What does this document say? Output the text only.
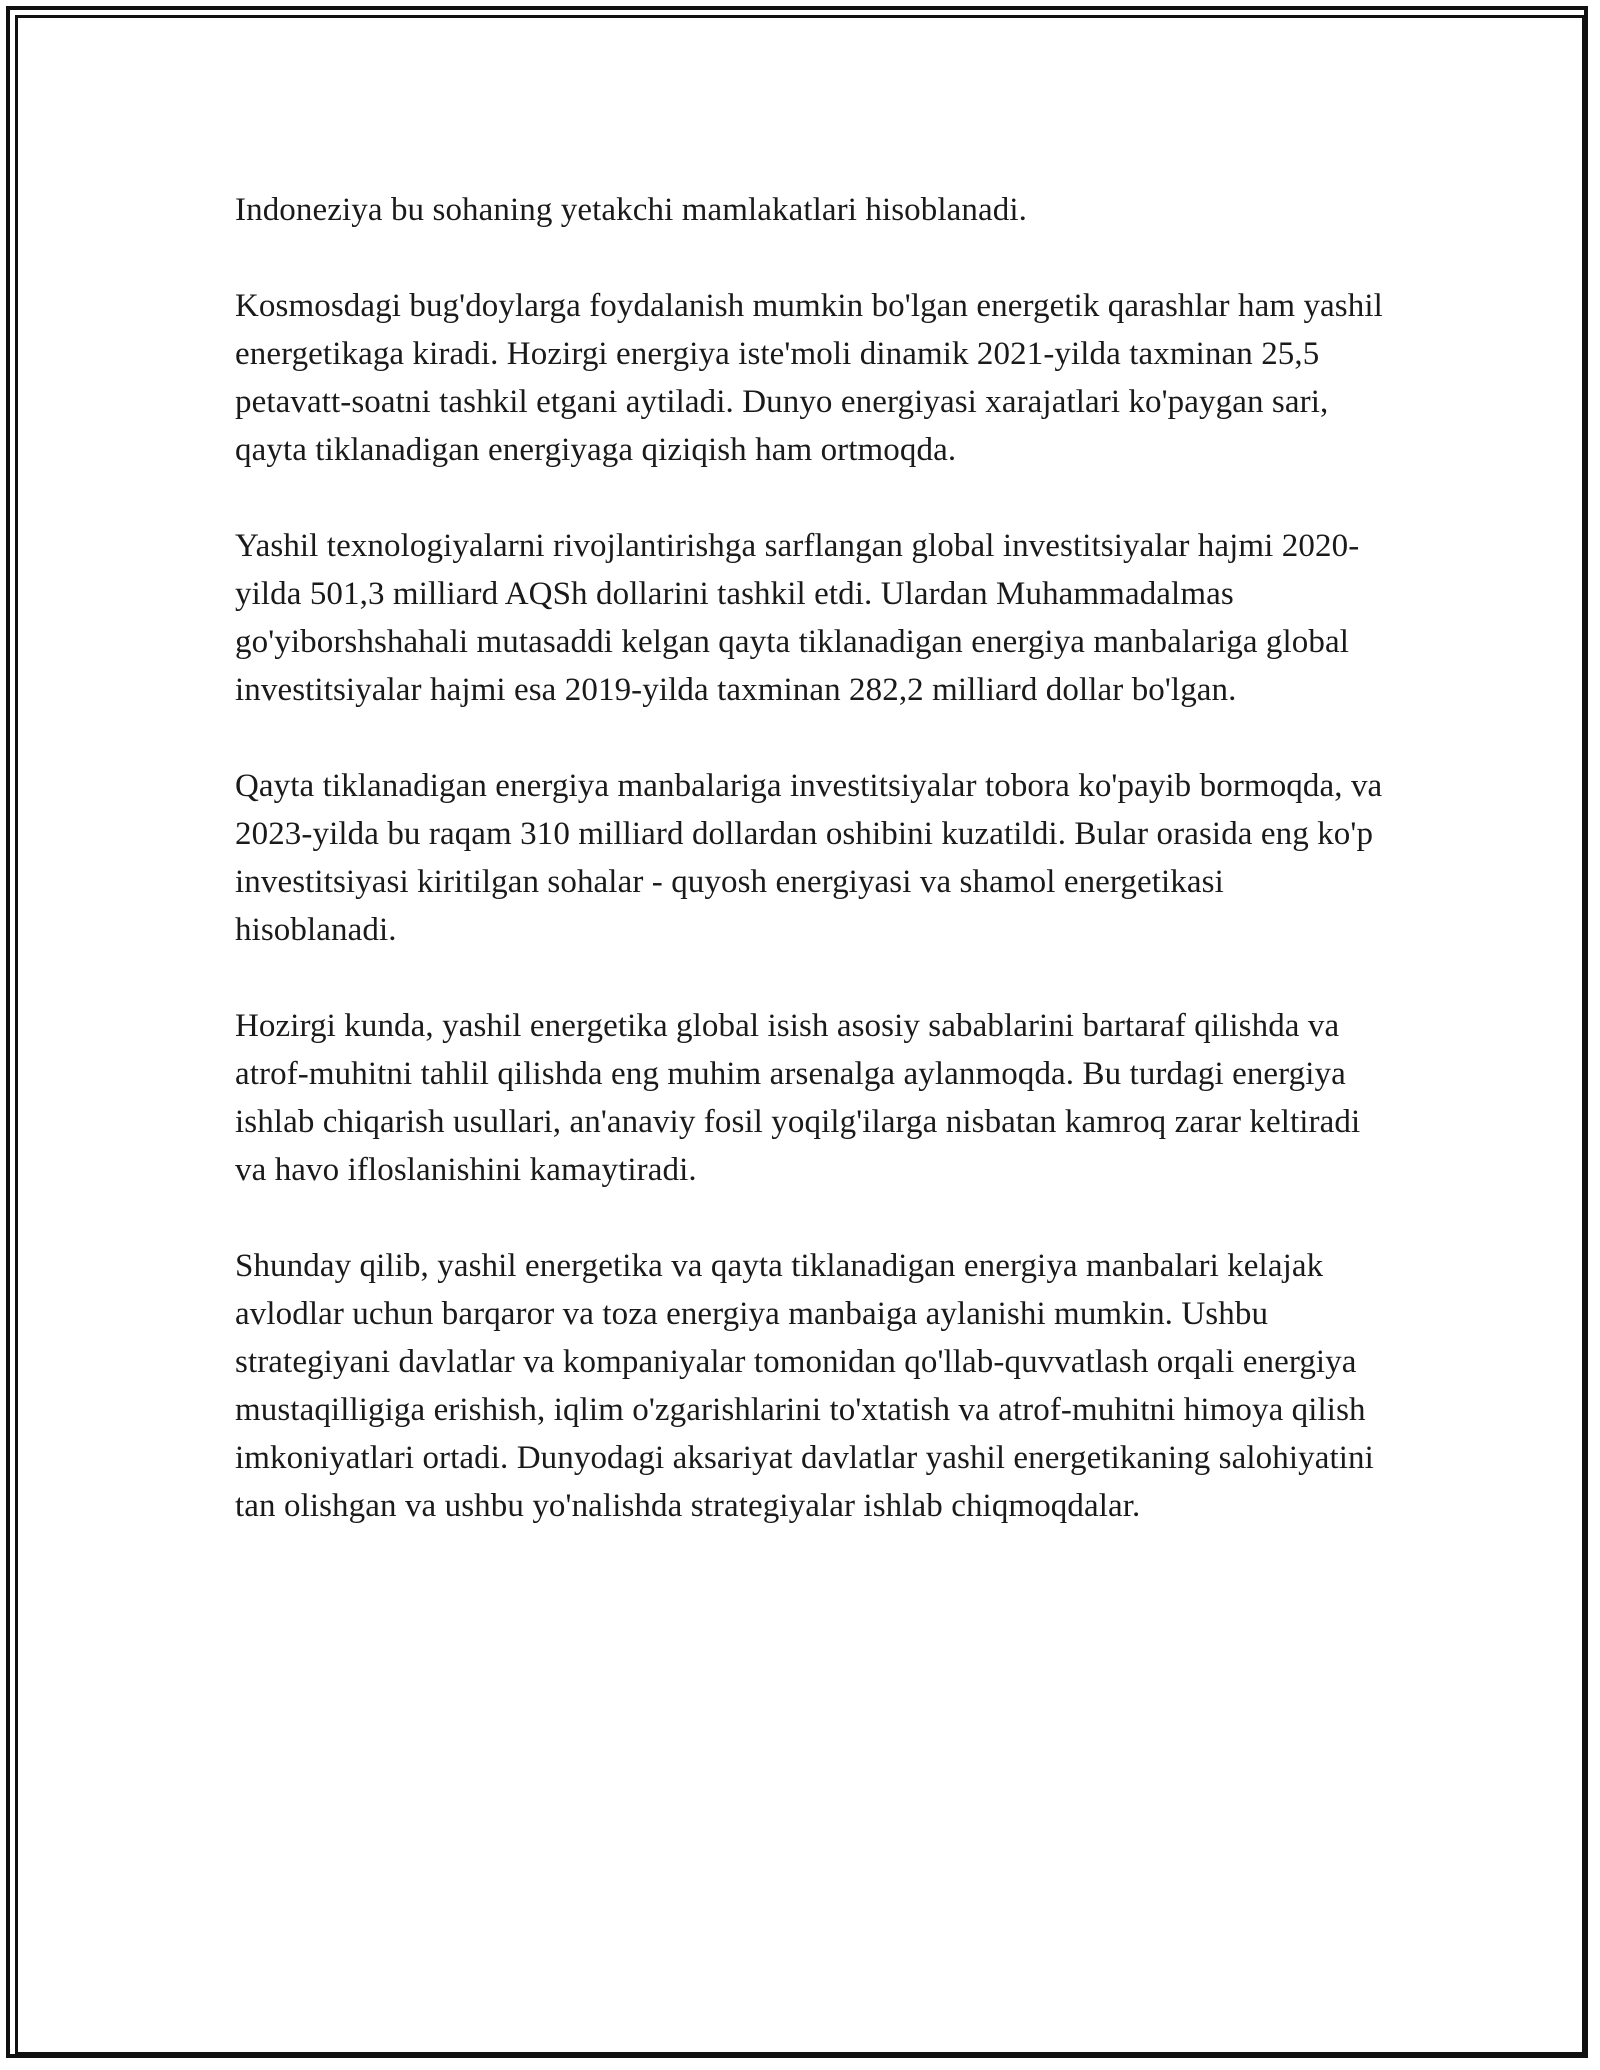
Indoneziya bu sohaning yetakchi mamlakatlari hisoblanadi.

Kosmosdagi bug'doylarga foydalanish mumkin bo'lgan energetik qarashlar ham yashil energetikaga kiradi. Hozirgi energiya iste'moli dinamik 2021-yilda taxminan 25,5 petavatt-soatni tashkil etgani aytiladi. Dunyo energiyasi xarajatlari ko'paygan sari, qayta tiklanadigan energiyaga qiziqish ham ortmoqda.

Yashil texnologiyalarni rivojlantirishga sarflangan global investitsiyalar hajmi 2020-yilda 501,3 milliard AQSh dollarini tashkil etdi. Ulardan Muhammadalmas go'yiborshshahali mutasaddi kelgan qayta tiklanadigan energiya manbalariga global investitsiyalar hajmi esa 2019-yilda taxminan 282,2 milliard dollar bo'lgan.

Qayta tiklanadigan energiya manbalariga investitsiyalar tobora ko'payib bormoqda, va 2023-yilda bu raqam 310 milliard dollardan oshibini kuzatildi. Bular orasida eng ko'p investitsiyasi kiritilgan sohalar - quyosh energiyasi va shamol energetikasi hisoblanadi.

Hozirgi kunda, yashil energetika global isish asosiy sabablarini bartaraf qilishda va atrof-muhitni tahlil qilishda eng muhim arsenalga aylanmoqda. Bu turdagi energiya ishlab chiqarish usullari, an'anaviy fosil yoqilg'ilarga nisbatan kamroq zarar keltiradi va havo ifloslanishini kamaytiradi.

Shunday qilib, yashil energetika va qayta tiklanadigan energiya manbalari kelajak avlodlar uchun barqaror va toza energiya manbaiga aylanishi mumkin. Ushbu strategiyani davlatlar va kompaniyalar tomonidan qo'llab-quvvatlash orqali energiya mustaqilligiga erishish, iqlim o'zgarishlarini to'xtatish va atrof-muhitni himoya qilish imkoniyatlari ortadi. Dunyodagi aksariyat davlatlar yashil energetikaning salohiyatini tan olishgan va ushbu yo'nalishda strategiyalar ishlab chiqmoqdalar.
